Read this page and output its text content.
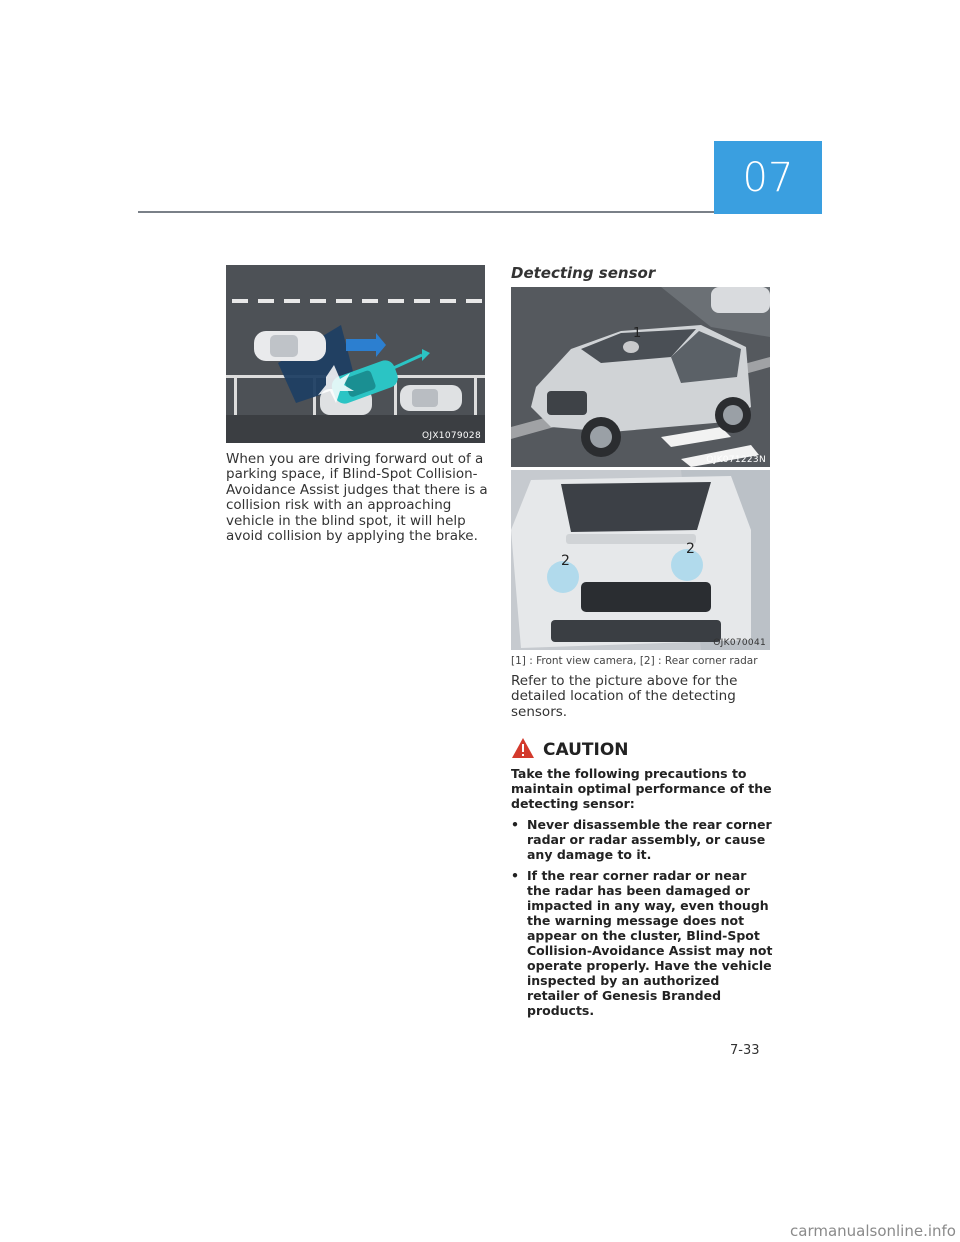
07
OJX1079028
When you are driving forward out of a parking space, if Blind-Spot Collision-Avoidance Assist judges that there is a collision risk with an approaching vehicle in the blind spot, it will help avoid collision by applying the brake.
Detecting sensor
1
OJK071223N
2
2
OJK070041
[1] : Front view camera, [2] : Rear corner radar
Refer to the picture above for the detailed location of the detecting sensors.
CAUTION

Take the following precautions to maintain optimal performance of the detecting sensor:

• Never disassemble the rear corner radar or radar assembly, or cause any damage to it.
• If the rear corner radar or near the radar has been damaged or impacted in any way, even though the warning message does not appear on the cluster, Blind-Spot Collision-Avoidance Assist may not operate properly. Have the vehicle inspected by an authorized retailer of Genesis Branded products.
7-33
carmanualsonline.info
